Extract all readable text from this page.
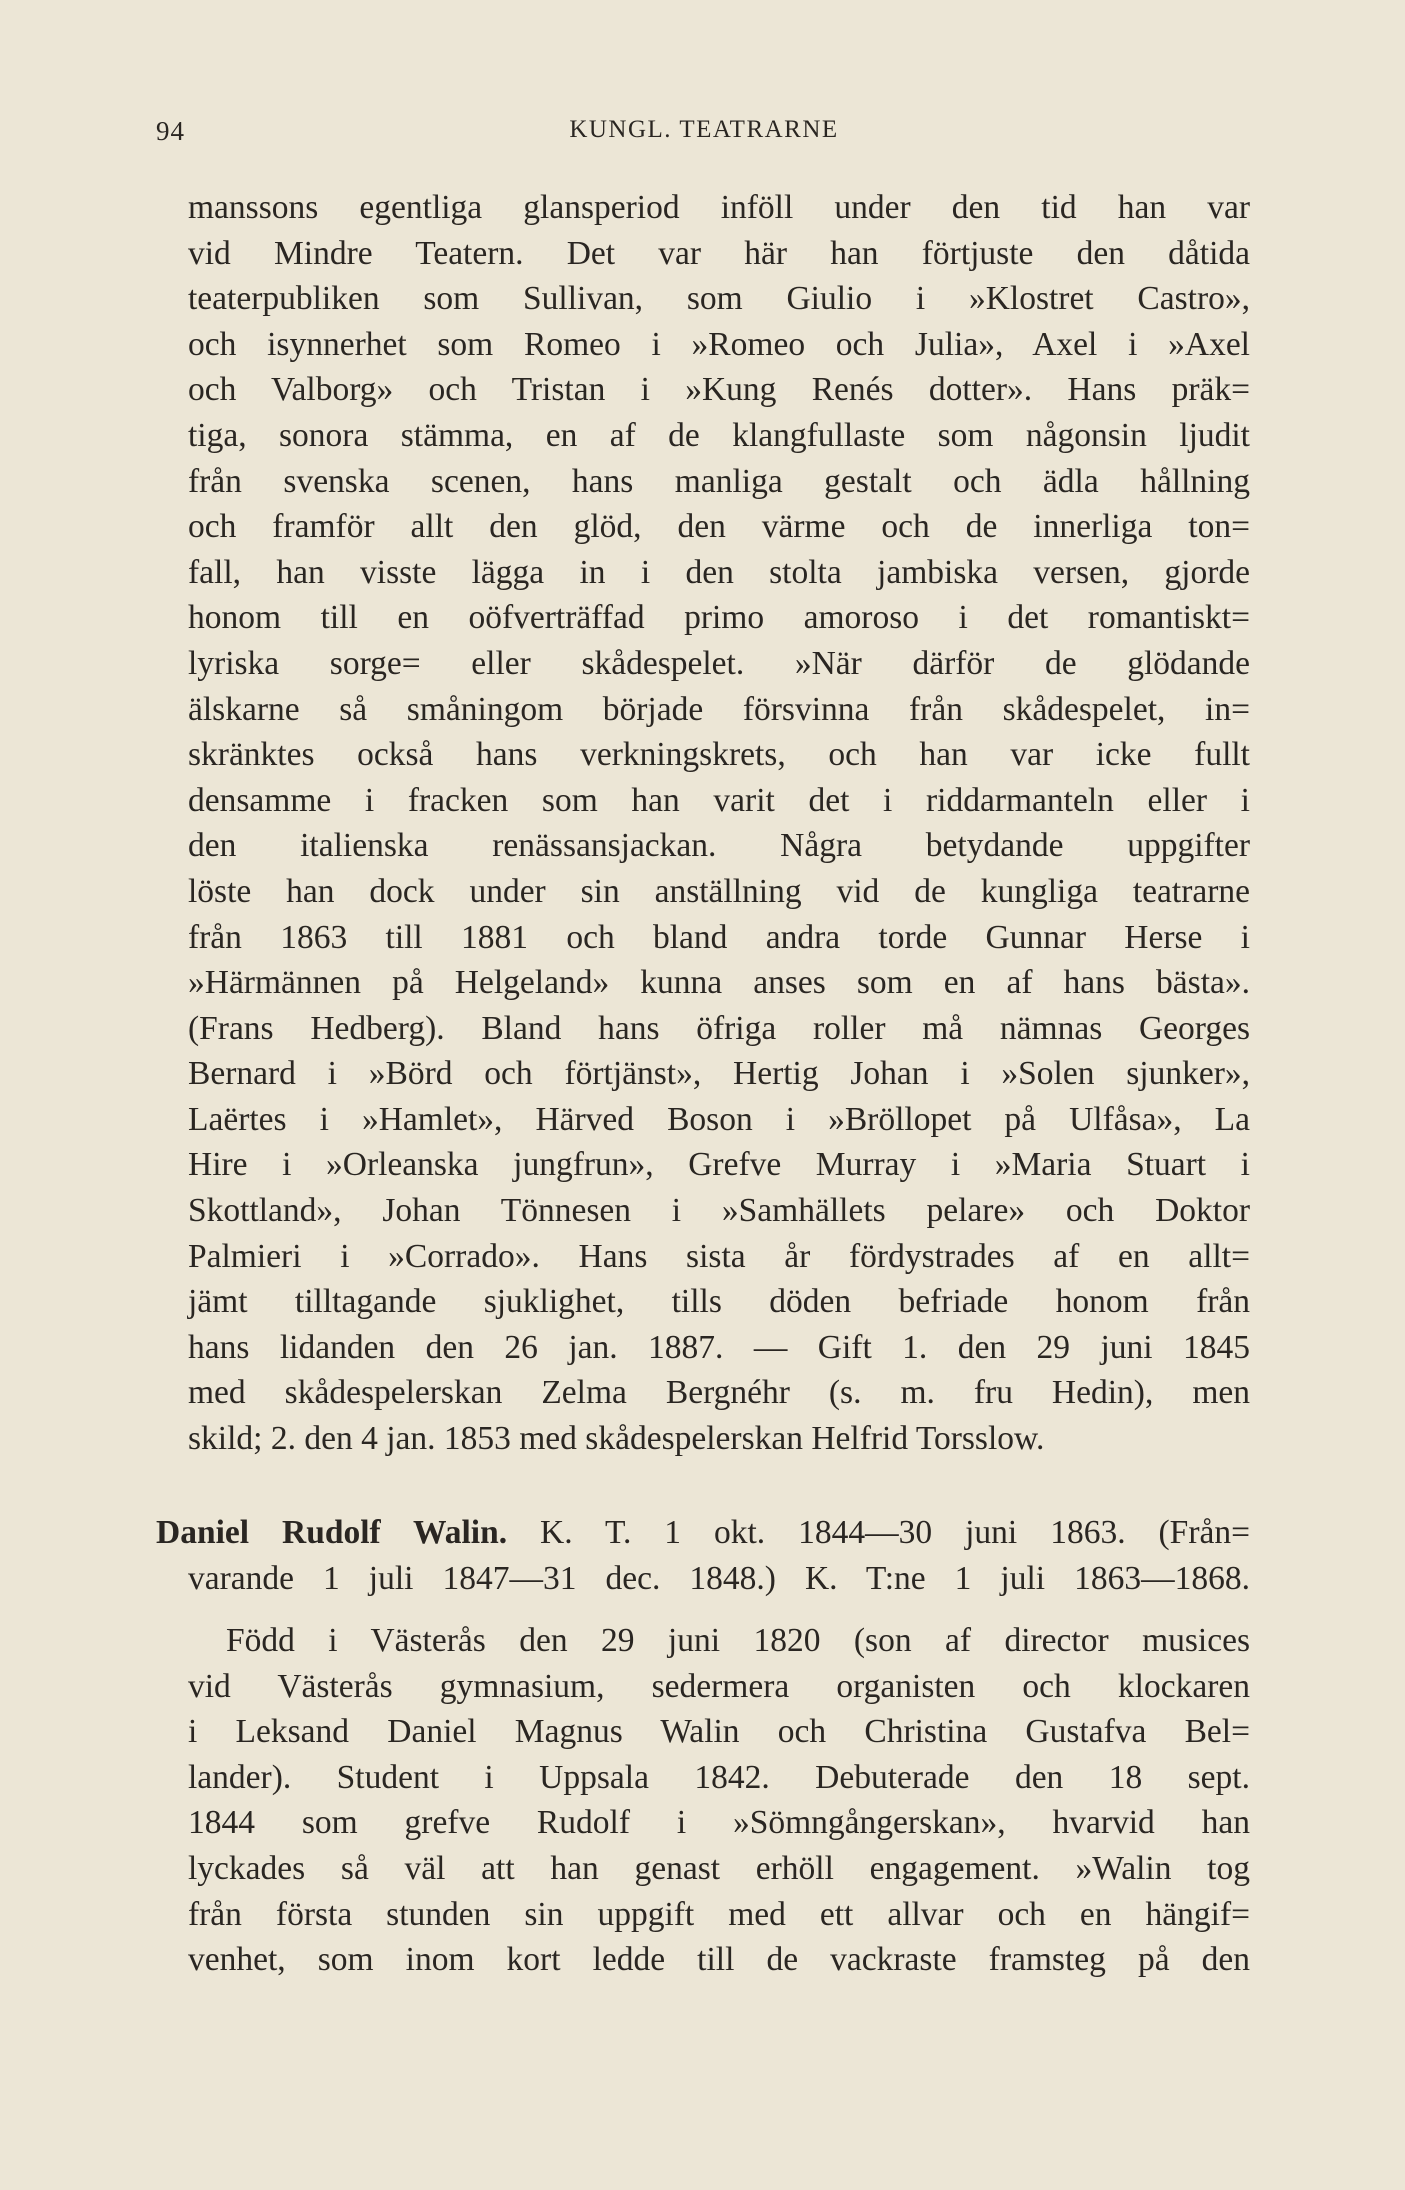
94	KUNGL. TEATRARNE
manssons egentliga glansperiod inföll under den tid han var
vid Mindre Teatern. Det var här han förtjuste den dåtida
teaterpubliken som Sullivan, som Giulio i »Klostret Castro»,
och isynnerhet som Romeo i »Romeo och Julia», Axel i »Axel
och Valborg» och Tristan i »Kung Renés dotter». Hans präk=
tiga, sonora stämma, en af de klangfullaste som någonsin ljudit
från svenska scenen, hans manliga gestalt och ädla hållning
och framför allt den glöd, den värme och de innerliga ton=
fall, han visste lägga in i den stolta jambiska versen, gjorde
honom till en oöfverträffad primo amoroso i det romantiskt=
lyriska sorge= eller skådespelet. »När därför de glödande
älskarne så småningom började försvinna från skådespelet, in=
skränktes också hans verkningskrets, och han var icke fullt
densamme i fracken som han varit det i riddarmanteln eller i
den italienska renässansjackan. Några betydande uppgifter
löste han dock under sin anställning vid de kungliga teatrarne
från 1863 till 1881 och bland andra torde Gunnar Herse i
»Härmännen på Helgeland» kunna anses som en af hans bästa».
(Frans Hedberg). Bland hans öfriga roller må nämnas Georges
Bernard i »Börd och förtjänst», Hertig Johan i »Solen sjunker»,
Laërtes i »Hamlet», Härved Boson i »Bröllopet på Ulfåsa», La
Hire i »Orleanska jungfrun», Grefve Murray i »Maria Stuart i
Skottland», Johan Tönnesen i »Samhällets pelare» och Doktor
Palmieri i »Corrado». Hans sista år fördystrades af en allt=
jämt tilltagande sjuklighet, tills döden befriade honom från
hans lidanden den 26 jan. 1887. — Gift 1. den 29 juni 1845
med skådespelerskan Zelma Bergnéhr (s. m. fru Hedin), men
skild; 2. den 4 jan. 1853 med skådespelerskan Helfrid Torsslow.
Daniel Rudolf Walin. K. T. 1 okt. 1844—30 juni 1863. (Från=
varande 1 juli 1847—31 dec. 1848.) K. T:ne 1 juli 1863—1868.
Född i Västerås den 29 juni 1820 (son af director musices
vid Västerås gymnasium, sedermera organisten och klockaren
i Leksand Daniel Magnus Walin och Christina Gustafva Bel=
lander). Student i Uppsala 1842. Debuterade den 18 sept.
1844 som grefve Rudolf i »Sömngångerskan», hvarvid han
lyckades så väl att han genast erhöll engagement. »Walin tog
från första stunden sin uppgift med ett allvar och en hängif=
venhet, som inom kort ledde till de vackraste framsteg på den
